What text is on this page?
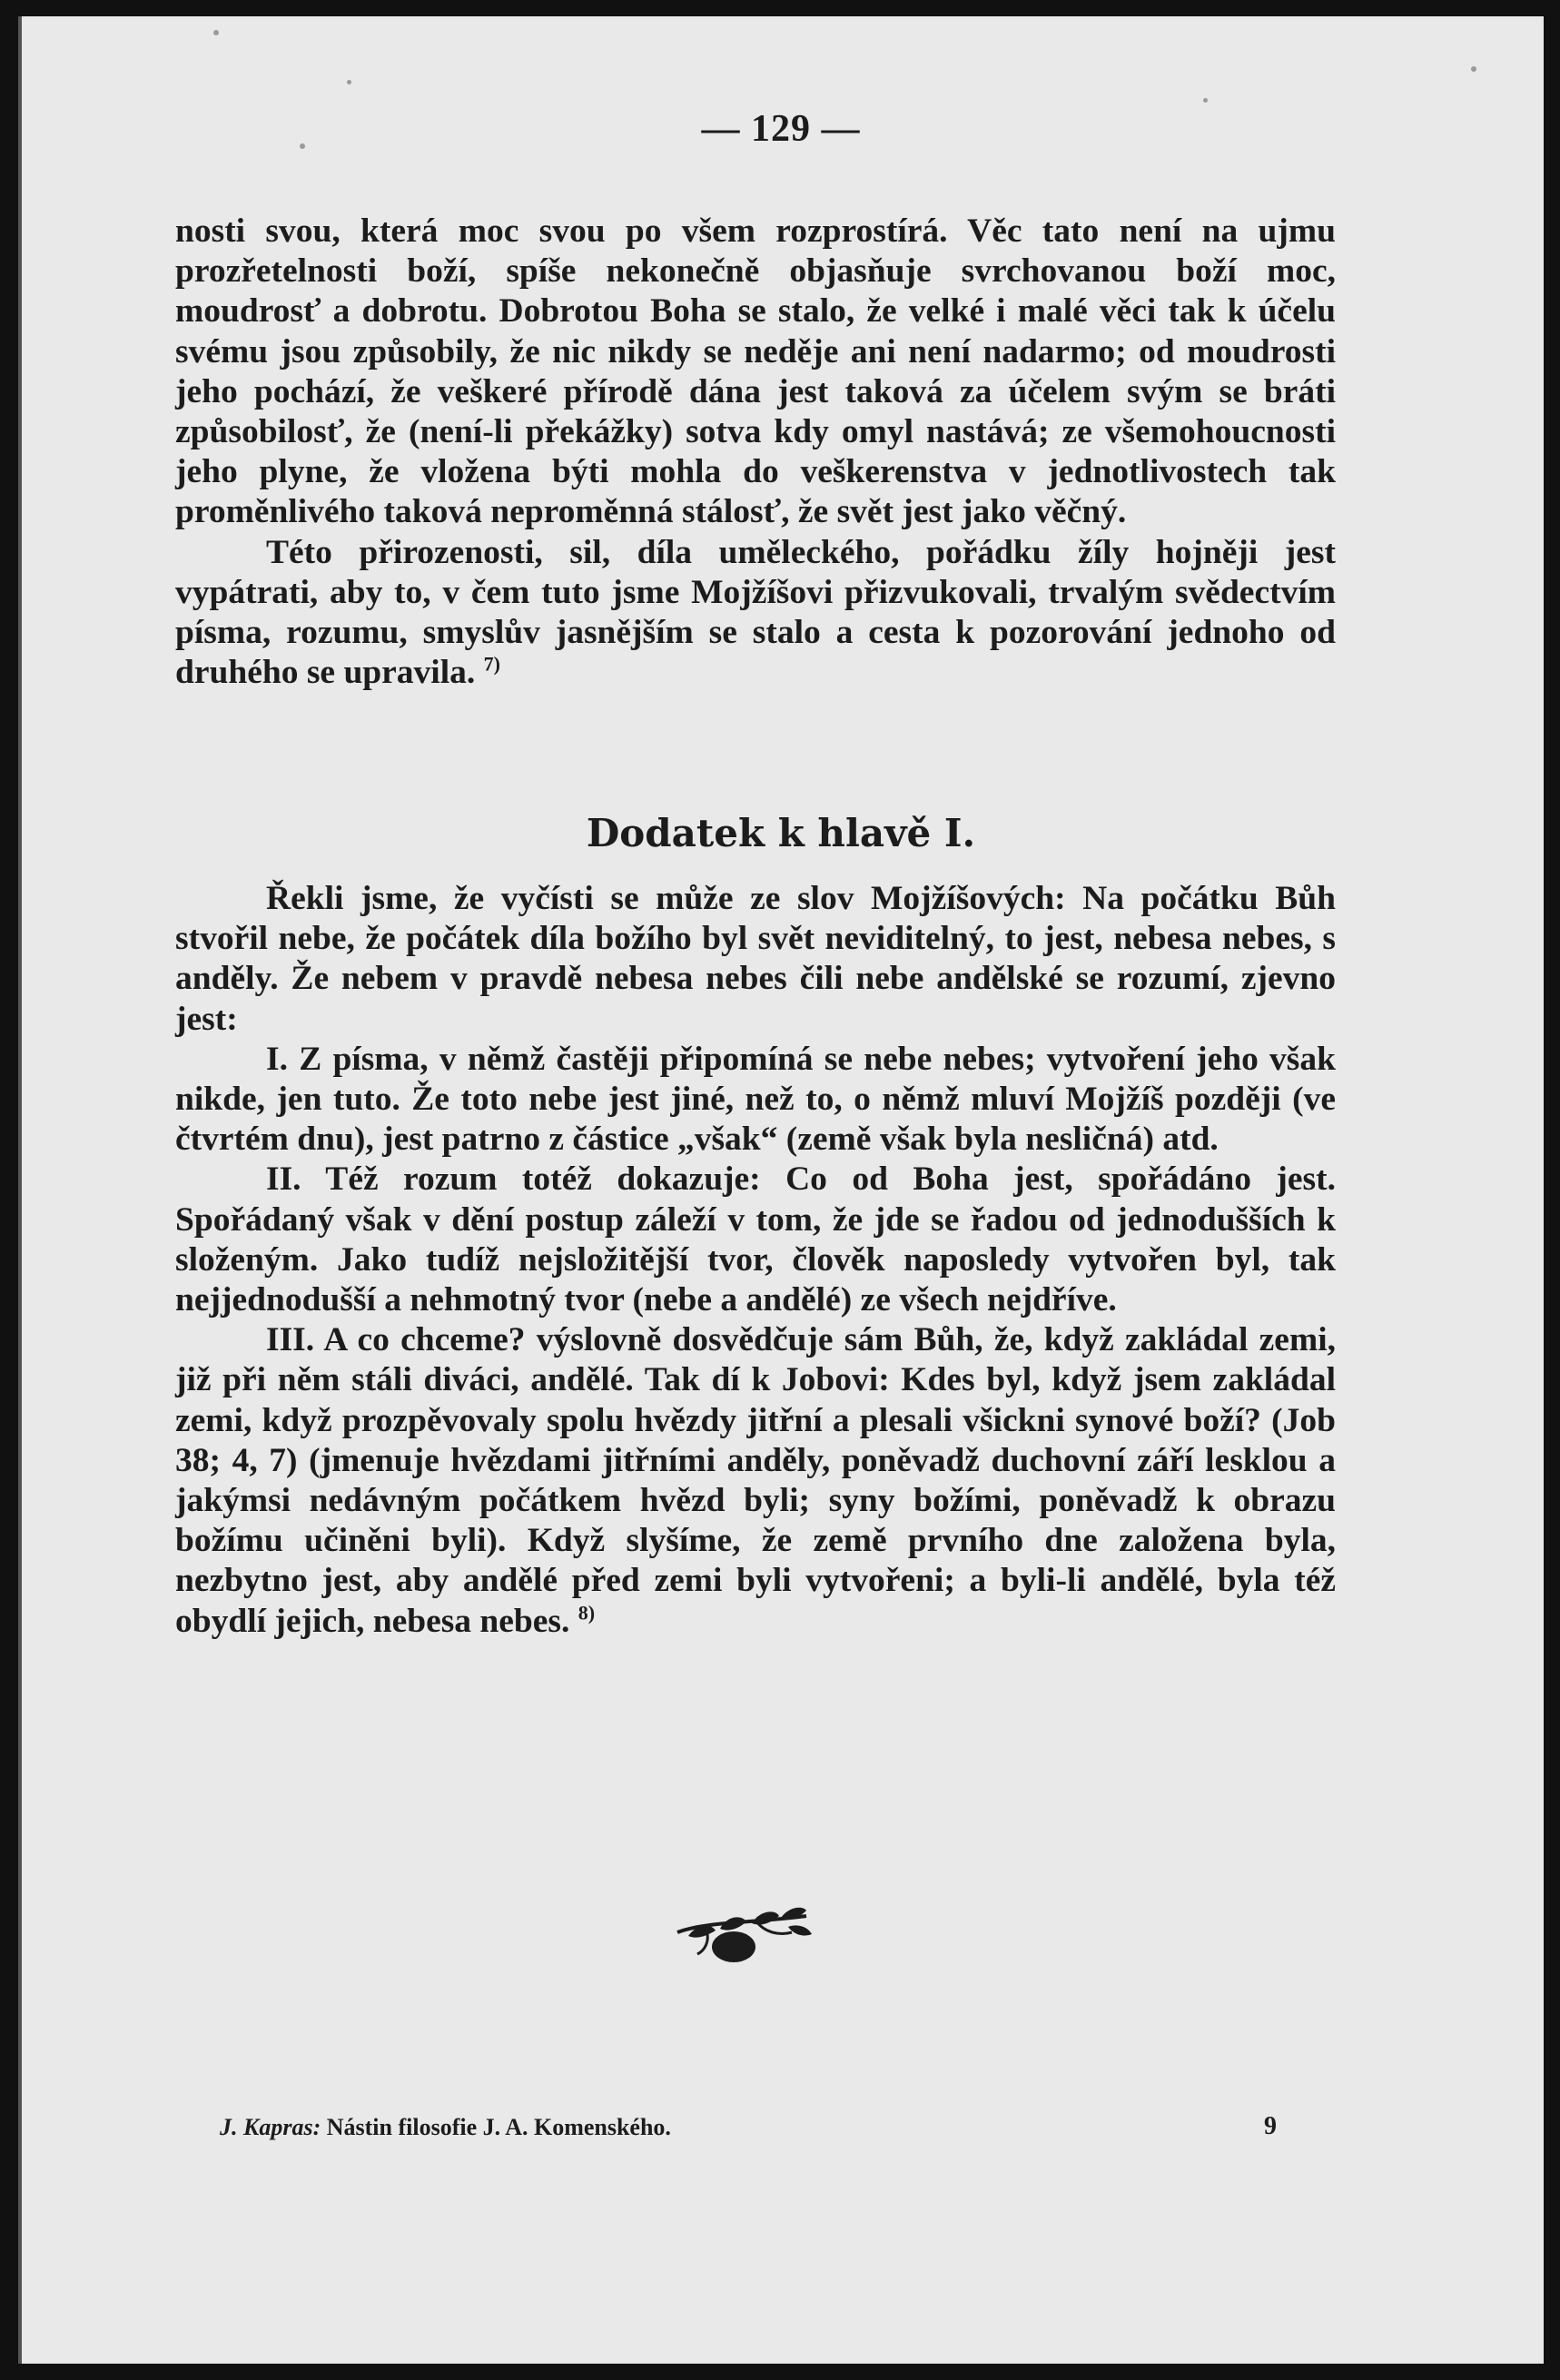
— 129 —

nosti svou, která moc svou po všem rozprostírá. Věc tato není na ujmu prozřetelnosti boží, spíše nekonečně objasňuje svrchovanou boží moc, moudrosť a dobrotu. Dobrotou Boha se stalo, že velké i malé věci tak k účelu svému jsou způsobily, že nic nikdy se neděje ani není nadarmo; od moudrosti jeho pochází, že veškeré přírodě dána jest taková za účelem svým se bráti způsobilosť, že (není-li překážky) sotva kdy omyl nastává; ze všemohoucnosti jeho plyne, že vložena býti mohla do veškerenstva v jednotlivostech tak proměnlivého taková neproměnná stálosť, že svět jest jako věčný.

Této přirozenosti, sil, díla uměleckého, pořádku žíly hojněji jest vypátrati, aby to, v čem tuto jsme Mojžíšovi přizvukovali, trvalým svědectvím písma, rozumu, smyslův jasnějším se stalo a cesta k pozorování jednoho od druhého se upravila. $^{7)}$

Dodatek k hlavě I.

Řekli jsme, že vyčísti se může ze slov Mojžíšových: Na počátku Bůh stvořil nebe, že počátek díla božího byl svět neviditelný, to jest, nebesa nebes, s anděly. Že nebem v pravdě nebesa nebes čili nebe andělské se rozumí, zjevno jest:

I. Z písma, v němž častěji připomíná se nebe nebes; vytvoření jeho však nikde, jen tuto. Že toto nebe jest jiné, než to, o němž mluví Mojžíš později (ve čtvrtém dnu), jest patrno z částice „však“ (země však byla nesličná) atd.

II. Též rozum totéž dokazuje: Co od Boha jest, spořádáno jest. Spořádaný však v dění postup záleží v tom, že jde se řadou od jednodušších k složeným. Jako tudíž nejsložitější tvor, člověk naposledy vytvořen byl, tak nejjednodušší a nehmotný tvor (nebe a andělé) ze všech nejdříve.

III. A co chceme? výslovně dosvědčuje sám Bůh, že, když zakládal zemi, již při něm stáli diváci, andělé. Tak dí k Jobovi: Kdes byl, když jsem zakládal zemi, když prozpěvovaly spolu hvězdy jitřní a plesali všickni synové boží? (Job 38; 4, 7) (jmenuje hvězdami jitřními anděly, poněvadž duchovní září lesklou a jakýmsi nedávným počátkem hvězd byli; syny božími, poněvadž k obrazu božímu učiněni byli). Když slyšíme, že země prvního dne založena byla, nezbytno jest, aby andělé před zemi byli vytvořeni; a byli-li andělé, byla též obydlí jejich, nebesa nebes. $^{8)}$

J. Kapras: Nástin filosofie J. A. Komenského.	9
